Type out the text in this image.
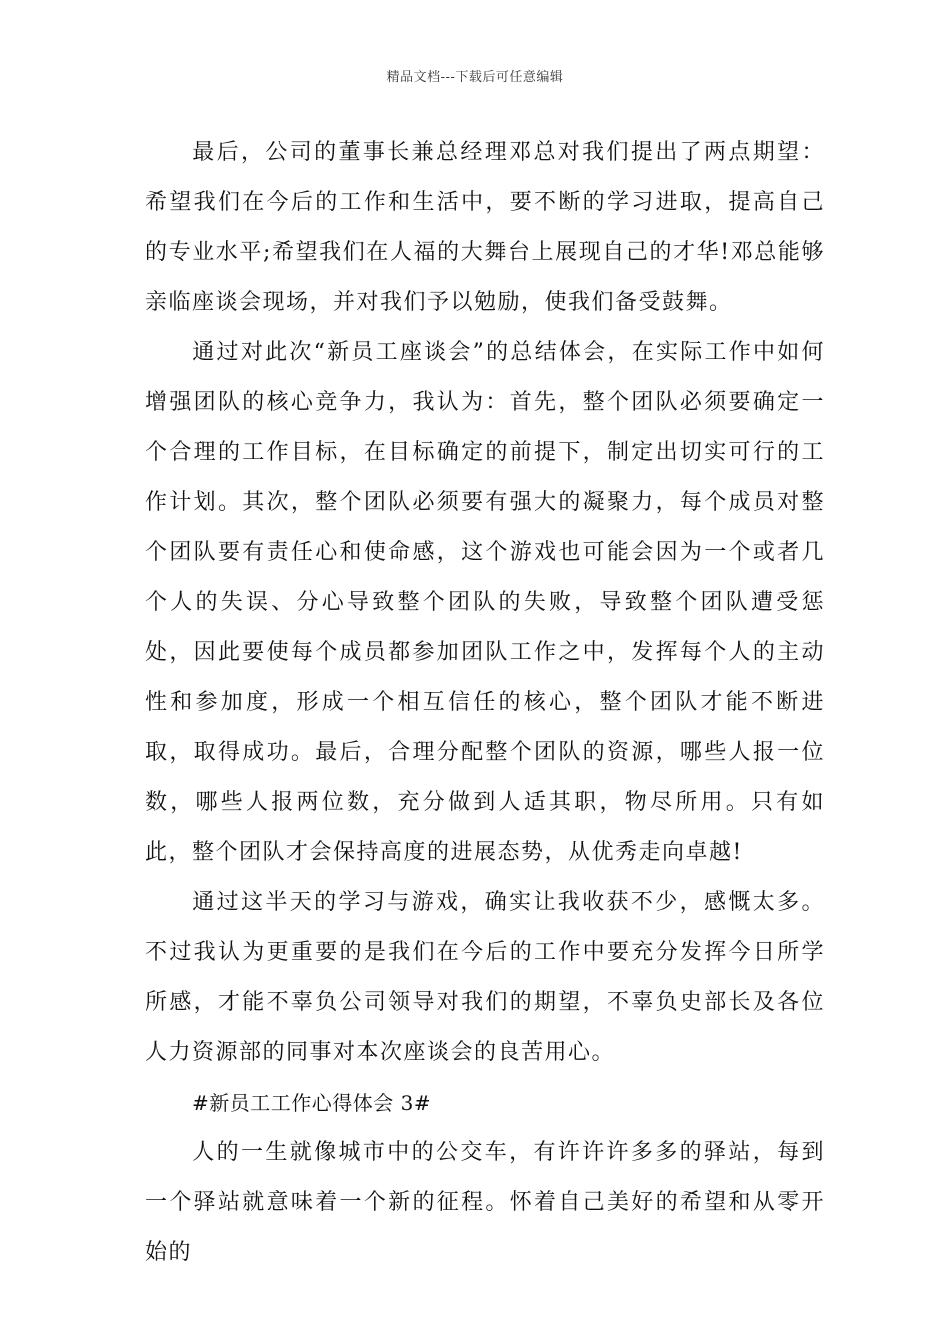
精品文档---下载后可任意编辑

最后，公司的董事长兼总经理邓总对我们提出了两点期望：希望我们在今后的工作和生活中，要不断的学习进取，提高自己的专业水平;希望我们在人福的大舞台上展现自己的才华!邓总能够亲临座谈会现场，并对我们予以勉励，使我们备受鼓舞。

通过对此次“新员工座谈会”的总结体会，在实际工作中如何增强团队的核心竞争力，我认为：首先，整个团队必须要确定一个合理的工作目标，在目标确定的前提下，制定出切实可行的工作计划。其次，整个团队必须要有强大的凝聚力，每个成员对整个团队要有责任心和使命感，这个游戏也可能会因为一个或者几个人的失误、分心导致整个团队的失败，导致整个团队遭受惩处，因此要使每个成员都参加团队工作之中，发挥每个人的主动性和参加度，形成一个相互信任的核心，整个团队才能不断进取，取得成功。最后，合理分配整个团队的资源，哪些人报一位数，哪些人报两位数，充分做到人适其职，物尽所用。只有如此，整个团队才会保持高度的进展态势，从优秀走向卓越!

通过这半天的学习与游戏，确实让我收获不少，感慨太多。不过我认为更重要的是我们在今后的工作中要充分发挥今日所学所感，才能不辜负公司领导对我们的期望，不辜负史部长及各位人力资源部的同事对本次座谈会的良苦用心。

#新员工工作心得体会 3#

人的一生就像城市中的公交车，有许许许多多的驿站，每到一个驿站就意味着一个新的征程。怀着自己美好的希望和从零开始的
